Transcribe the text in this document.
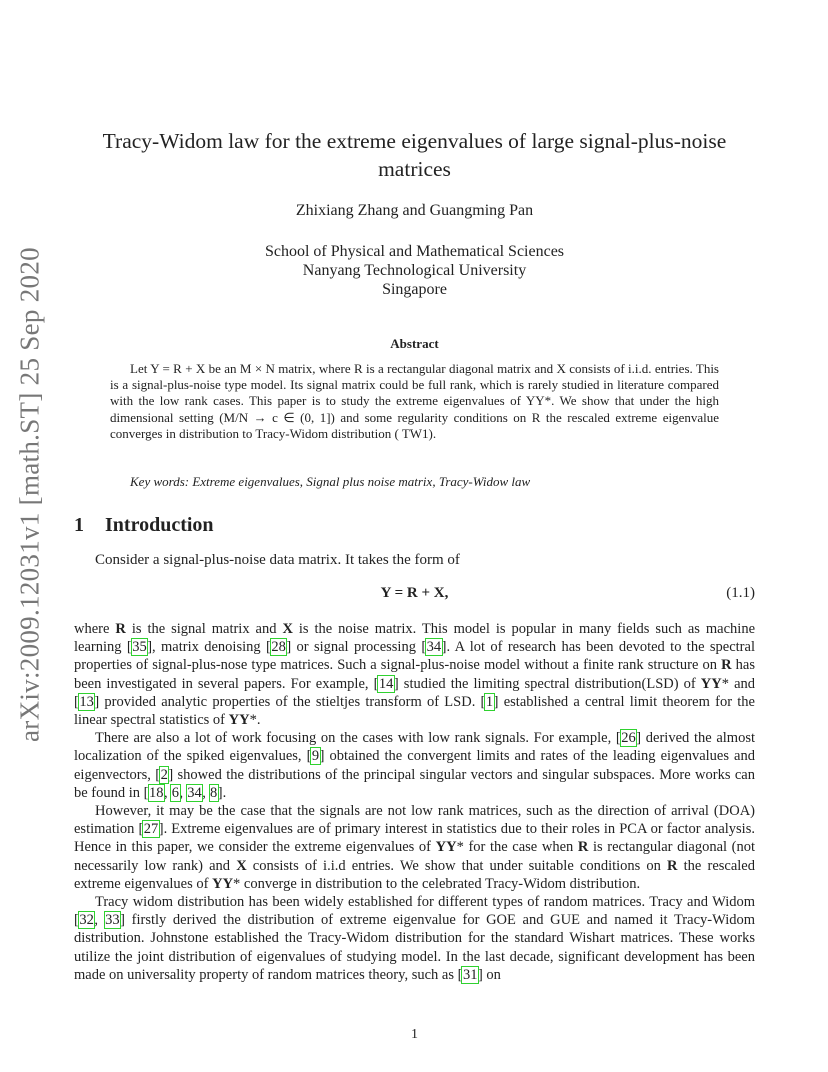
arXiv:2009.12031v1 [math.ST] 25 Sep 2020
Tracy-Widom law for the extreme eigenvalues of large signal-plus-noise matrices
Zhixiang Zhang and Guangming Pan
School of Physical and Mathematical Sciences
Nanyang Technological University
Singapore
Abstract
Let Y = R + X be an M × N matrix, where R is a rectangular diagonal matrix and X consists of i.i.d. entries. This is a signal-plus-noise type model. Its signal matrix could be full rank, which is rarely studied in literature compared with the low rank cases. This paper is to study the extreme eigenvalues of YY*. We show that under the high dimensional setting (M/N → c ∈ (0, 1]) and some regularity conditions on R the rescaled extreme eigenvalue converges in distribution to Tracy-Widom distribution ( TW1).
Key words: Extreme eigenvalues, Signal plus noise matrix, Tracy-Widow law
1 Introduction
Consider a signal-plus-noise data matrix. It takes the form of
Y = R + X,	(1.1)

where R is the signal matrix and X is the noise matrix. This model is popular in many fields such as machine learning [35], matrix denoising [28] or signal processing [34]. A lot of research has been devoted to the spectral properties of signal-plus-nose type matrices. Such a signal-plus-noise model without a finite rank structure on R has been investigated in several papers. For example, [14] studied the limiting spectral distribution(LSD) of YY* and [13] provided analytic properties of the stieltjes transform of LSD. [1] established a central limit theorem for the linear spectral statistics of YY*.

There are also a lot of work focusing on the cases with low rank signals. For example, [26] derived the almost localization of the spiked eigenvalues, [9] obtained the convergent limits and rates of the leading eigenvalues and eigenvectors, [2] showed the distributions of the principal singular vectors and singular subspaces. More works can be found in [18, 6, 34, 8].

However, it may be the case that the signals are not low rank matrices, such as the direction of arrival (DOA) estimation [27]. Extreme eigenvalues are of primary interest in statistics due to their roles in PCA or factor analysis. Hence in this paper, we consider the extreme eigenvalues of YY* for the case when R is rectangular diagonal (not necessarily low rank) and X consists of i.i.d entries. We show that under suitable conditions on R the rescaled extreme eigenvalues of YY* converge in distribution to the celebrated Tracy-Widom distribution.

Tracy widom distribution has been widely established for different types of random matrices. Tracy and Widom [32, 33] firstly derived the distribution of extreme eigenvalue for GOE and GUE and named it Tracy-Widom distribution. Johnstone established the Tracy-Widom distribution for the standard Wishart matrices. These works utilize the joint distribution of eigenvalues of studying model. In the last decade, significant development has been made on universality property of random matrices theory, such as [31] on

1
